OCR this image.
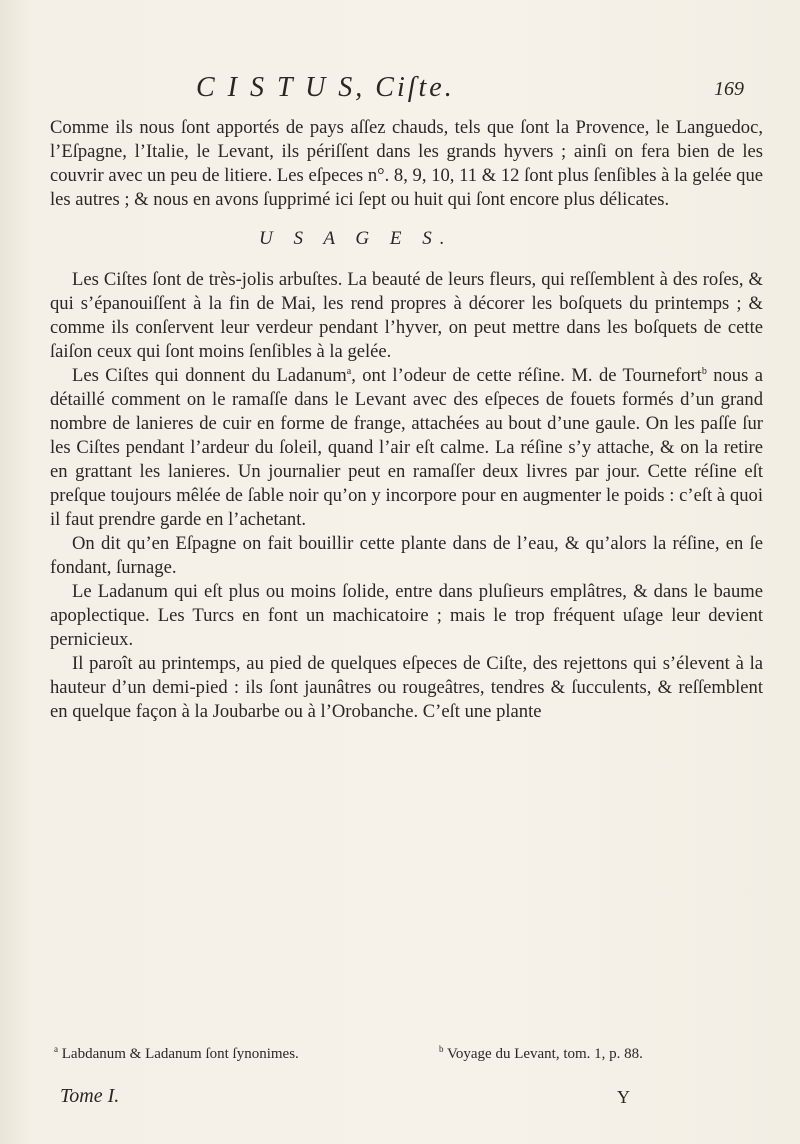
C I S T U S, Ciſte.	169

Comme ils nous ſont apportés de pays aſſez chauds, tels que ſont la Provence, le Languedoc, l’Eſpagne, l’Italie, le Levant, ils périſſent dans les grands hyvers ; ainſi on fera bien de les couvrir avec un peu de litiere. Les eſpeces n°. 8, 9, 10, 11 & 12 ſont plus ſenſibles à la gelée que les autres ; & nous en avons ſupprimé ici ſept ou huit qui ſont encore plus délicates.

U S A G E S.

Les Ciſtes ſont de très-jolis arbuſtes. La beauté de leurs fleurs, qui reſſemblent à des roſes, & qui s’épanouiſſent à la fin de Mai, les rend propres à décorer les boſquets du printemps ; & comme ils conſervent leur verdeur pendant l’hyver, on peut mettre dans les boſquets de cette ſaiſon ceux qui ſont moins ſenſibles à la gelée.

Les Ciſtes qui donnent du Ladanum$^a$, ont l’odeur de cette réſine. M. de Tournefort$^b$ nous a détaillé comment on le ramaſſe dans le Levant avec des eſpeces de fouets formés d’un grand nombre de lanieres de cuir en forme de frange, attachées au bout d’une gaule. On les paſſe ſur les Ciſtes pendant l’ardeur du ſoleil, quand l’air eſt calme. La réſine s’y attache, & on la retire en grattant les lanieres. Un journalier peut en ramaſſer deux livres par jour. Cette réſine eſt preſque toujours mêlée de ſable noir qu’on y incorpore pour en augmenter le poids : c’eſt à quoi il faut prendre garde en l’achetant.

On dit qu’en Eſpagne on fait bouillir cette plante dans de l’eau, & qu’alors la réſine, en ſe fondant, ſurnage.

Le Ladanum qui eſt plus ou moins ſolide, entre dans pluſieurs emplâtres, & dans le baume apoplectique. Les Turcs en font un machicatoire ; mais le trop fréquent uſage leur devient pernicieux.

Il paroît au printemps, au pied de quelques eſpeces de Ciſte, des rejettons qui s’élevent à la hauteur d’un demi-pied : ils ſont jaunâtres ou rougeâtres, tendres & ſucculents, & reſſemblent en quelque façon à la Joubarbe ou à l’Orobanche. C’eſt une plante

$^a$ Labdanum & Ladanum ſont ſynonimes.	$^b$ Voyage du Levant, tom. 1, p. 88.
Tome I.	Y
